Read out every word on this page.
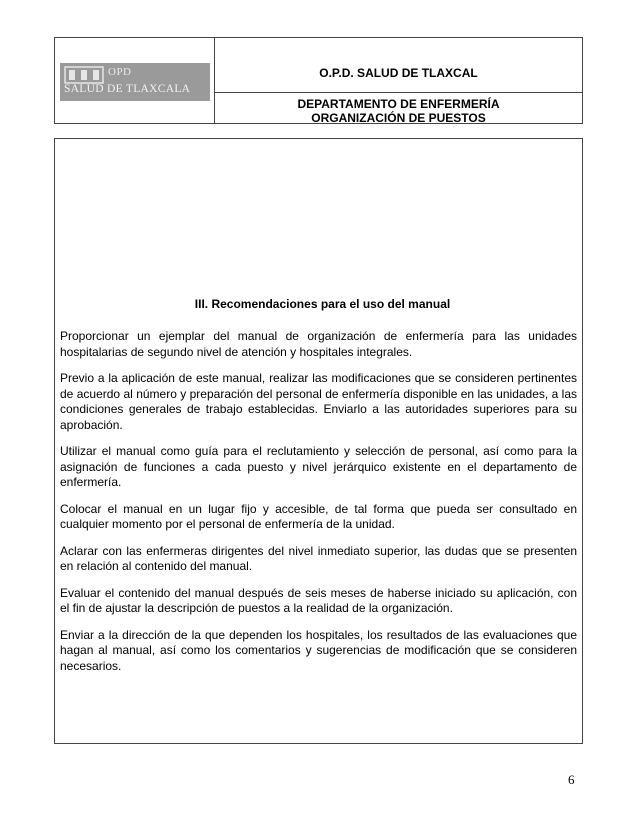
OPD
SALUD DE TLAXCALA
O.P.D. SALUD DE TLAXCAL
DEPARTAMENTO DE ENFERMERÍA
ORGANIZACIÓN DE PUESTOS
III. Recomendaciones para el uso del manual

Proporcionar un ejemplar del manual de organización de enfermería para las unidades hospitalarias de segundo nivel de atención y hospitales integrales.

Previo a la aplicación de este manual, realizar las modificaciones que se consideren pertinentes de acuerdo al número y preparación del personal de enfermería disponible en las unidades, a las condiciones generales de trabajo establecidas. Enviarlo a las autoridades superiores para su aprobación.

Utilizar el manual como guía para el reclutamiento y selección de personal, así como para la asignación de funciones a cada puesto y nivel jerárquico existente en el departamento de enfermería.

Colocar el manual en un lugar fijo y accesible, de tal forma que pueda ser consultado en cualquier momento por el personal de enfermería de la unidad.

Aclarar con las enfermeras dirigentes del nivel inmediato superior, las dudas que se presenten en relación al contenido del manual.

Evaluar el contenido del manual después de seis meses de haberse iniciado su aplicación, con el fin de ajustar la descripción de puestos a la realidad de la organización.

Enviar a la dirección de la que dependen los hospitales, los resultados de las evaluaciones que hagan al manual, así como los comentarios y sugerencias de modificación que se consideren necesarios.

6
